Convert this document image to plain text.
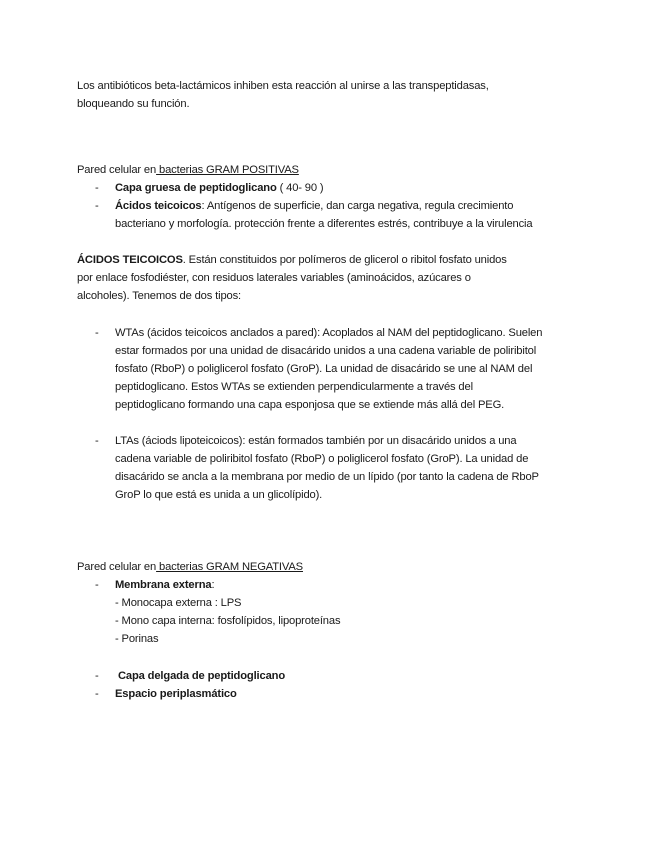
Los antibióticos beta-lactámicos inhiben esta reacción al unirse a las transpeptidasas,
bloqueando su función.

Pared celular en bacterias GRAM POSITIVAS

- Capa gruesa de peptidoglicano ( 40- 90 )
- Ácidos teicoicos: Antígenos de superficie, dan carga negativa, regula crecimiento
bacteriano y morfología. protección frente a diferentes estrés, contribuye a la virulencia

ÁCIDOS TEICOICOS. Están constituidos por polímeros de glicerol o ribitol fosfato unidos
por enlace fosfodiéster, con residuos laterales variables (aminoácidos, azúcares o
alcoholes). Tenemos de dos tipos:

- WTAs (ácidos teicoicos anclados a pared): Acoplados al NAM del peptidoglicano. Suelen
estar formados por una unidad de disacárido unidos a una cadena variable de poliribitol
fosfato (RboP) o poliglicerol fosfato (GroP). La unidad de disacárido se une al NAM del
peptidoglicano. Estos WTAs se extienden perpendicularmente a través del
peptidoglicano formando una capa esponjosa que se extiende más allá del PEG.
- LTAs (áciods lipoteicoicos): están formados también por un disacárido unidos a una
cadena variable de poliribitol fosfato (RboP) o poliglicerol fosfato (GroP). La unidad de
disacárido se ancla a la membrana por medio de un lípido (por tanto la cadena de RboP
GroP lo que está es unida a un glicolípido).

Pared celular en bacterias GRAM NEGATIVAS

- Membrana externa:
- Monocapa externa : LPS
- Mono capa interna: fosfolípidos, lipoproteínas
- Porinas
- Capa delgada de peptidoglicano
- Espacio periplasmático
